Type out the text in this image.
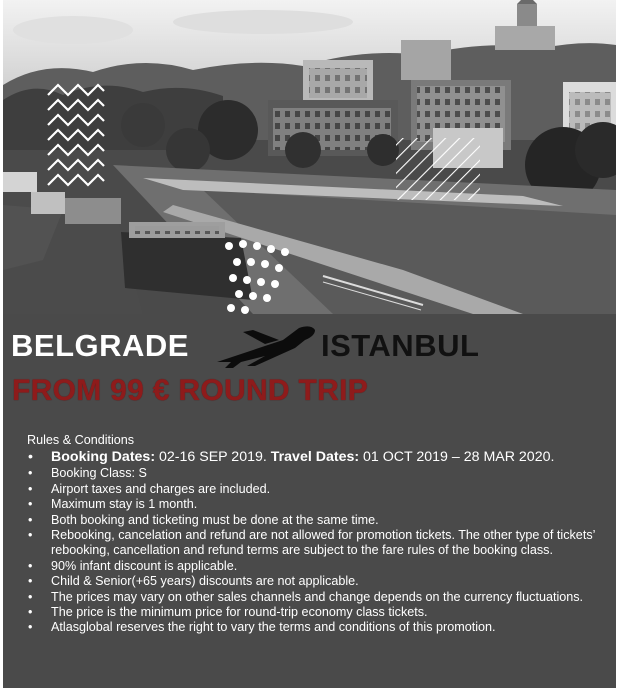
BELGRADE	ISTANBUL
FROM 99 € ROUND TRIP
Rules & Conditions
• Booking Dates: 02-16 SEP 2019. Travel Dates: 01 OCT 2019 – 28 MAR 2020.
• Booking Class: S
• Airport taxes and charges are included.
• Maximum stay is 1 month.
• Both booking and ticketing must be done at the same time.
• Rebooking, cancelation and refund are not allowed for promotion tickets. The other type of tickets’ rebooking, cancellation and refund terms are subject to the fare rules of the booking class.
• 90% infant discount is applicable.
• Child & Senior(+65 years) discounts are not applicable.
• The prices may vary on other sales channels and change depends on the currency fluctuations.
• The price is the minimum price for round-trip economy class tickets.
• Atlasglobal reserves the right to vary the terms and conditions of this promotion.
